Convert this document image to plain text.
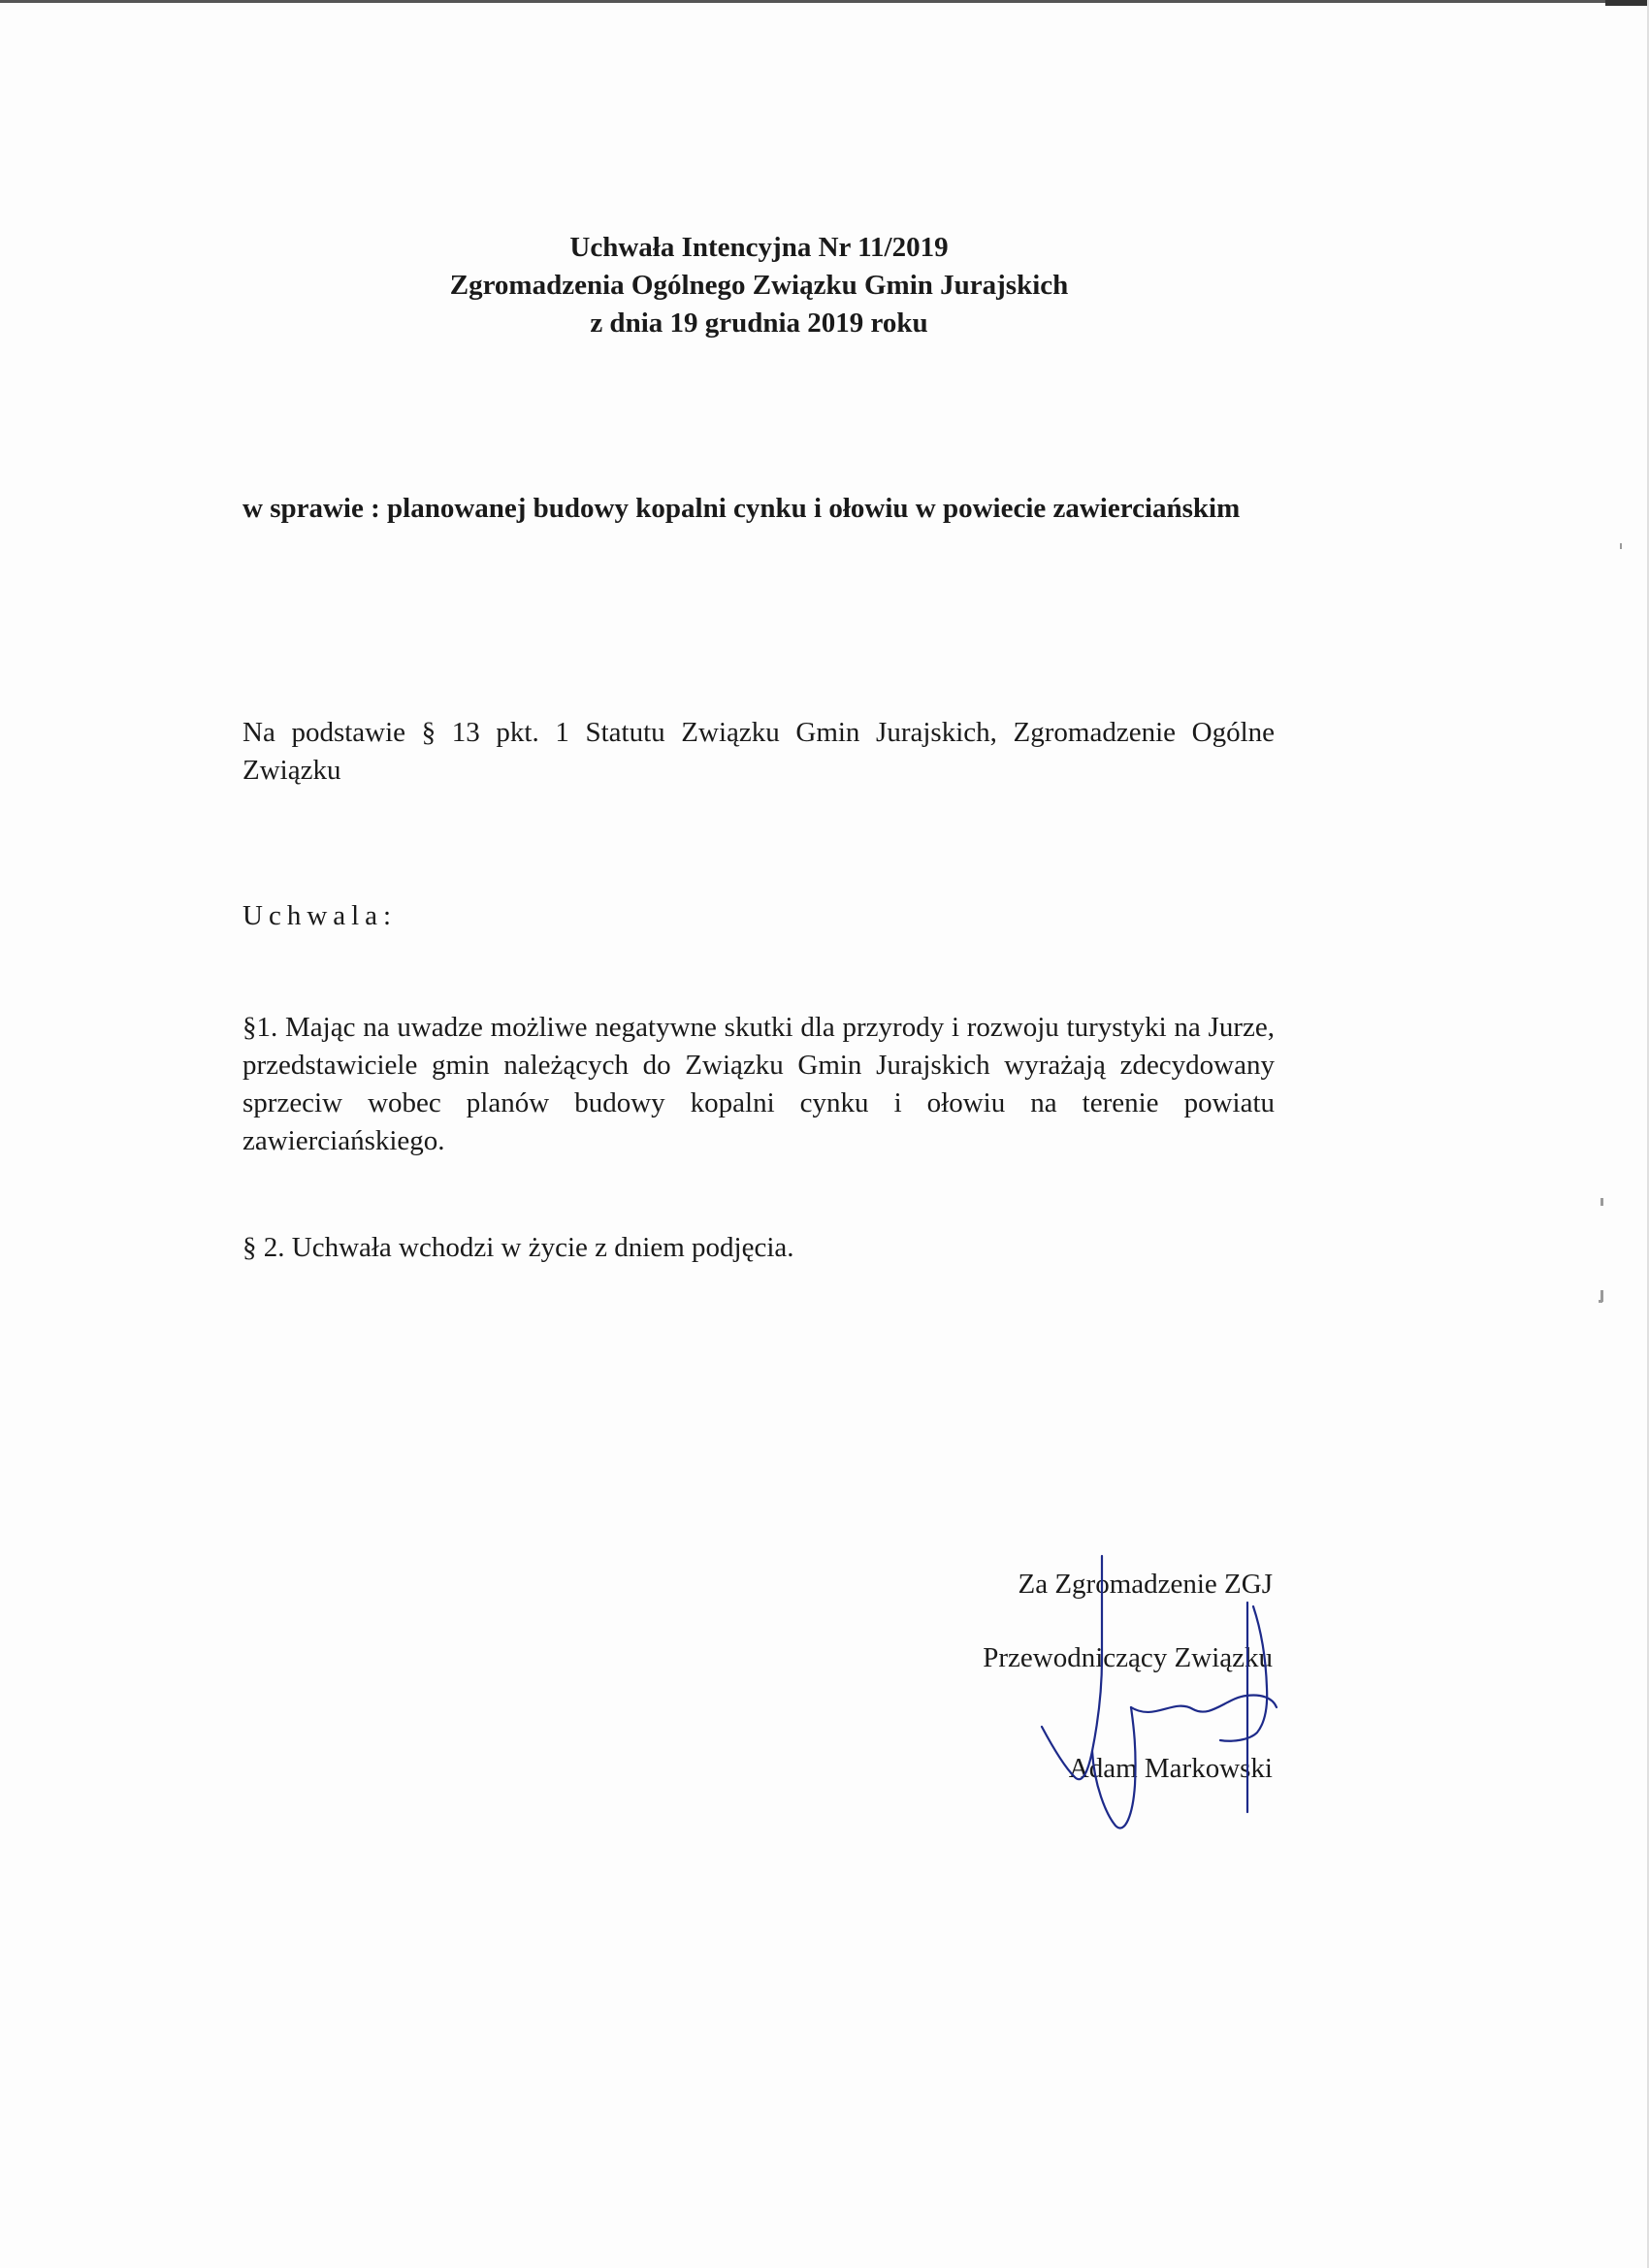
Uchwała Intencyjna Nr 11/2019
Zgromadzenia Ogólnego Związku Gmin Jurajskich
z dnia 19 grudnia 2019 roku
w sprawie : planowanej budowy kopalni cynku i ołowiu w powiecie zawierciańskim
Na podstawie § 13 pkt. 1 Statutu Związku Gmin Jurajskich, Zgromadzenie Ogólne Związku
Uchwala:
§1. Mając na uwadze możliwe negatywne skutki dla przyrody i rozwoju turystyki na Jurze, przedstawiciele gmin należących do Związku Gmin Jurajskich wyrażają zdecydowany sprzeciw wobec planów budowy kopalni cynku i ołowiu na terenie powiatu zawierciańskiego.
§ 2. Uchwała wchodzi w życie z dniem podjęcia.
Za Zgromadzenie ZGJ
Przewodniczący Związku
Adam Markowski
